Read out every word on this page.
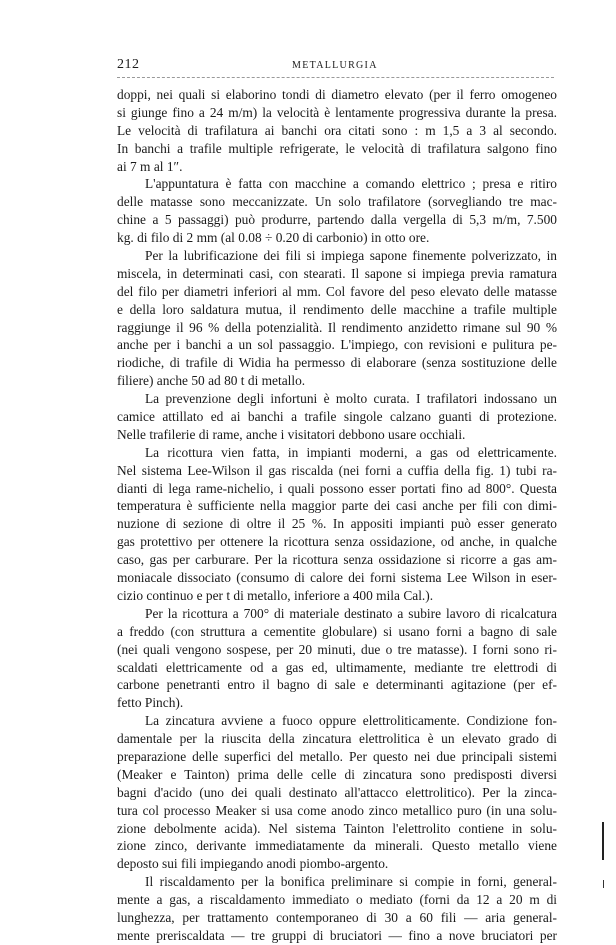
212	METALLURGIA
doppi, nei quali si elaborino tondi di diametro elevato (per il ferro omogeneo
si giunge fino a 24 m/m) la velocità è lentamente progressiva durante la presa.
Le velocità di trafilatura ai banchi ora citati sono : m 1,5 a 3 al secondo.
In banchi a trafile multiple refrigerate, le velocità di trafilatura salgono fino
ai 7 m al 1″.
L'appuntatura è fatta con macchine a comando elettrico ; presa e ritiro
delle matasse sono meccanizzate. Un solo trafilatore (sorvegliando tre mac-
chine a 5 passaggi) può produrre, partendo dalla vergella di 5,3 m/m, 7.500
kg. di filo di 2 mm (al 0.08 ÷ 0.20 di carbonio) in otto ore.
Per la lubrificazione dei fili si impiega sapone finemente polverizzato, in
miscela, in determinati casi, con stearati. Il sapone si impiega previa ramatura
del filo per diametri inferiori al mm. Col favore del peso elevato delle matasse
e della loro saldatura mutua, il rendimento delle macchine a trafile multiple
raggiunge il 96 % della potenzialità. Il rendimento anzidetto rimane sul 90 %
anche per i banchi a un sol passaggio. L'impiego, con revisioni e pulitura pe-
riodiche, di trafile di Widia ha permesso di elaborare (senza sostituzione delle
filiere) anche 50 ad 80 t di metallo.
La prevenzione degli infortuni è molto curata. I trafilatori indossano un
camice attillato ed ai banchi a trafile singole calzano guanti di protezione.
Nelle trafilerie di rame, anche i visitatori debbono usare occhiali.
La ricottura vien fatta, in impianti moderni, a gas od elettricamente.
Nel sistema Lee-Wilson il gas riscalda (nei forni a cuffia della fig. 1) tubi ra-
dianti di lega rame-nichelio, i quali possono esser portati fino ad 800°. Questa
temperatura è sufficiente nella maggior parte dei casi anche per fili con dimi-
nuzione di sezione di oltre il 25 %. In appositi impianti può esser generato
gas protettivo per ottenere la ricottura senza ossidazione, od anche, in qualche
caso, gas per carburare. Per la ricottura senza ossidazione si ricorre a gas am-
moniacale dissociato (consumo di calore dei forni sistema Lee Wilson in eser-
cizio continuo e per t di metallo, inferiore a 400 mila Cal.).
Per la ricottura a 700° di materiale destinato a subire lavoro di ricalcatura
a freddo (con struttura a cementite globulare) si usano forni a bagno di sale
(nei quali vengono sospese, per 20 minuti, due o tre matasse). I forni sono ri-
scaldati elettricamente od a gas ed, ultimamente, mediante tre elettrodi di
carbone penetranti entro il bagno di sale e determinanti agitazione (per ef-
fetto Pinch).
La zincatura avviene a fuoco oppure elettroliticamente. Condizione fon-
damentale per la riuscita della zincatura elettrolitica è un elevato grado di
preparazione delle superfici del metallo. Per questo nei due principali sistemi
(Meaker e Tainton) prima delle celle di zincatura sono predisposti diversi
bagni d'acido (uno dei quali destinato all'attacco elettrolitico). Per la zinca-
tura col processo Meaker si usa come anodo zinco metallico puro (in una solu-
zione debolmente acida). Nel sistema Tainton l'elettrolito contiene in solu-
zione zinco, derivante immediatamente da minerali. Questo metallo viene
deposto sui fili impiegando anodi piombo-argento.
Il riscaldamento per la bonifica preliminare si compie in forni, general-
mente a gas, a riscaldamento immediato o mediato (forni da 12 a 20 m di
lunghezza, per trattamento contemporaneo di 30 a 60 fili — aria general-
mente preriscaldata — tre gruppi di bruciatori — fino a nove bruciatori per
